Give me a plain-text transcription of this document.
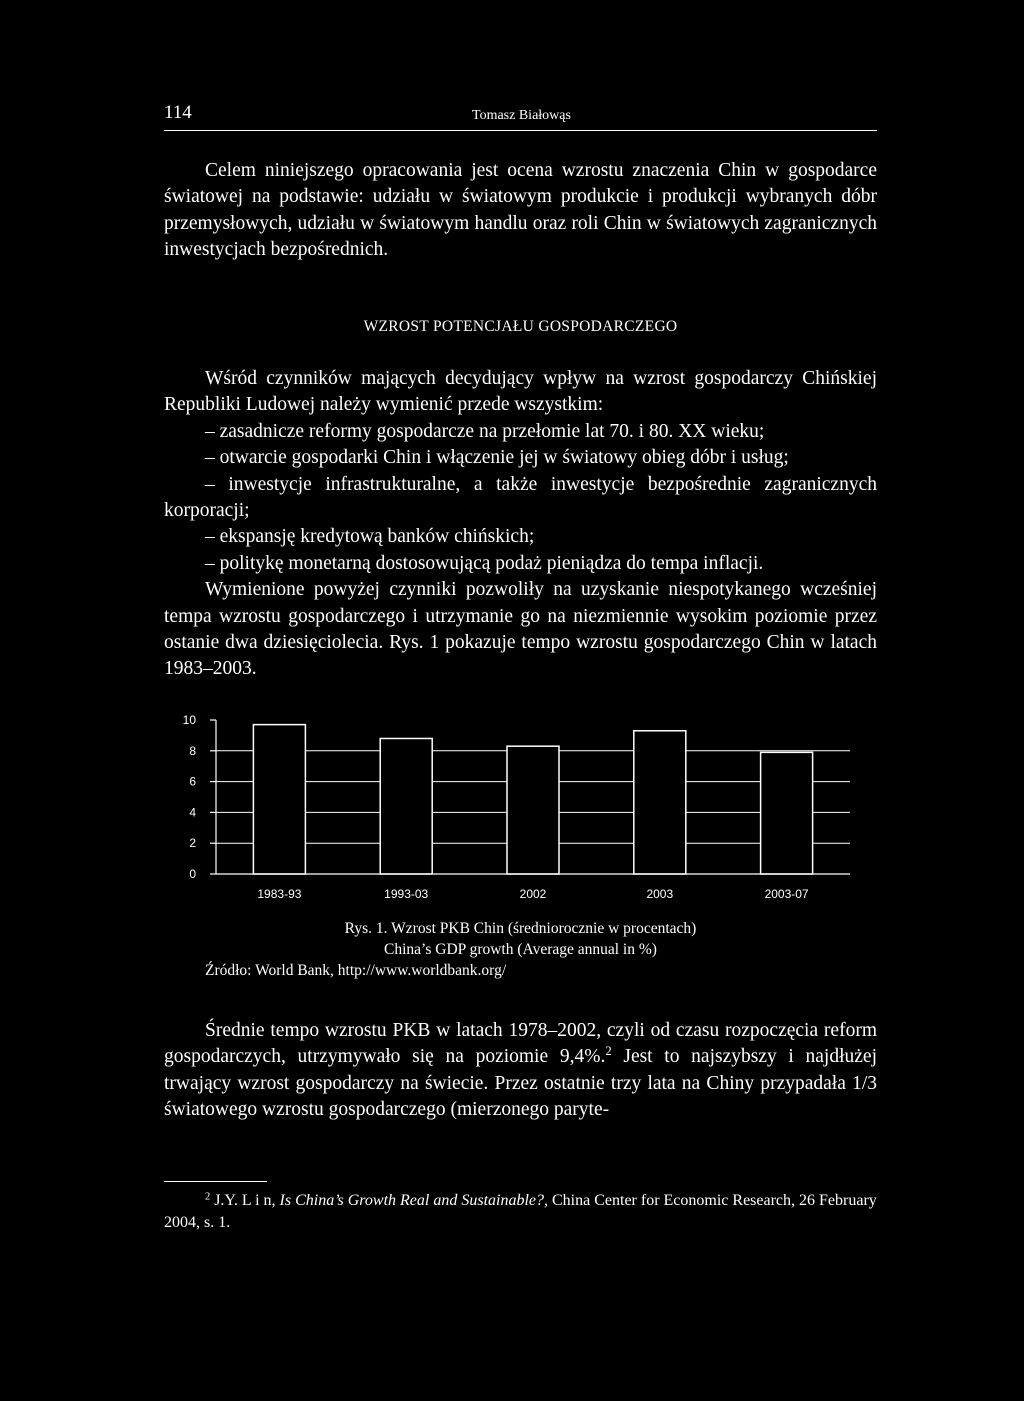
114	Tomasz Białowąs

Celem niniejszego opracowania jest ocena wzrostu znaczenia Chin w gospodarce światowej na podstawie: udziału w światowym produkcie i produkcji wybranych dóbr przemysłowych, udziału w światowym handlu oraz roli Chin w światowych zagranicznych inwestycjach bezpośrednich.

WZROST POTENCJAŁU GOSPODARCZEGO

Wśród czynników mających decydujący wpływ na wzrost gospodarczy Chińskiej Republiki Ludowej należy wymienić przede wszystkim:

– zasadnicze reformy gospodarcze na przełomie lat 70. i 80. XX wieku;

– otwarcie gospodarki Chin i włączenie jej w światowy obieg dóbr i usług;

– inwestycje infrastrukturalne, a także inwestycje bezpośrednie zagranicznych korporacji;

– ekspansję kredytową banków chińskich;

– politykę monetarną dostosowującą podaż pieniądza do tempa inflacji.

Wymienione powyżej czynniki pozwoliły na uzyskanie niespotykanego wcześniej tempa wzrostu gospodarczego i utrzymanie go na niezmiennie wysokim poziomie przez ostanie dwa dziesięciolecia. Rys. 1 pokazuje tempo wzrostu gospodarczego Chin w latach 1983–2003.

1983-93	1993-03	2002	2003	2003-07
0
2
4
6
8
10
Rys. 1. Wzrost PKB Chin (średniorocznie w procentach)
China’s GDP growth (Average annual in %)
Źródło: World Bank, http://www.worldbank.org/

Średnie tempo wzrostu PKB w latach 1978–2002, czyli od czasu rozpoczęcia reform gospodarczych, utrzymywało się na poziomie 9,4%.$^2$ Jest to najszybszy i najdłużej trwający wzrost gospodarczy na świecie. Przez ostatnie trzy lata na Chiny przypadała 1/3 światowego wzrostu gospodarczego (mierzonego paryte-

$^2$ J.Y. L i n, Is China’s Growth Real and Sustainable?, China Center for Economic Research, 26 February 2004, s. 1.
